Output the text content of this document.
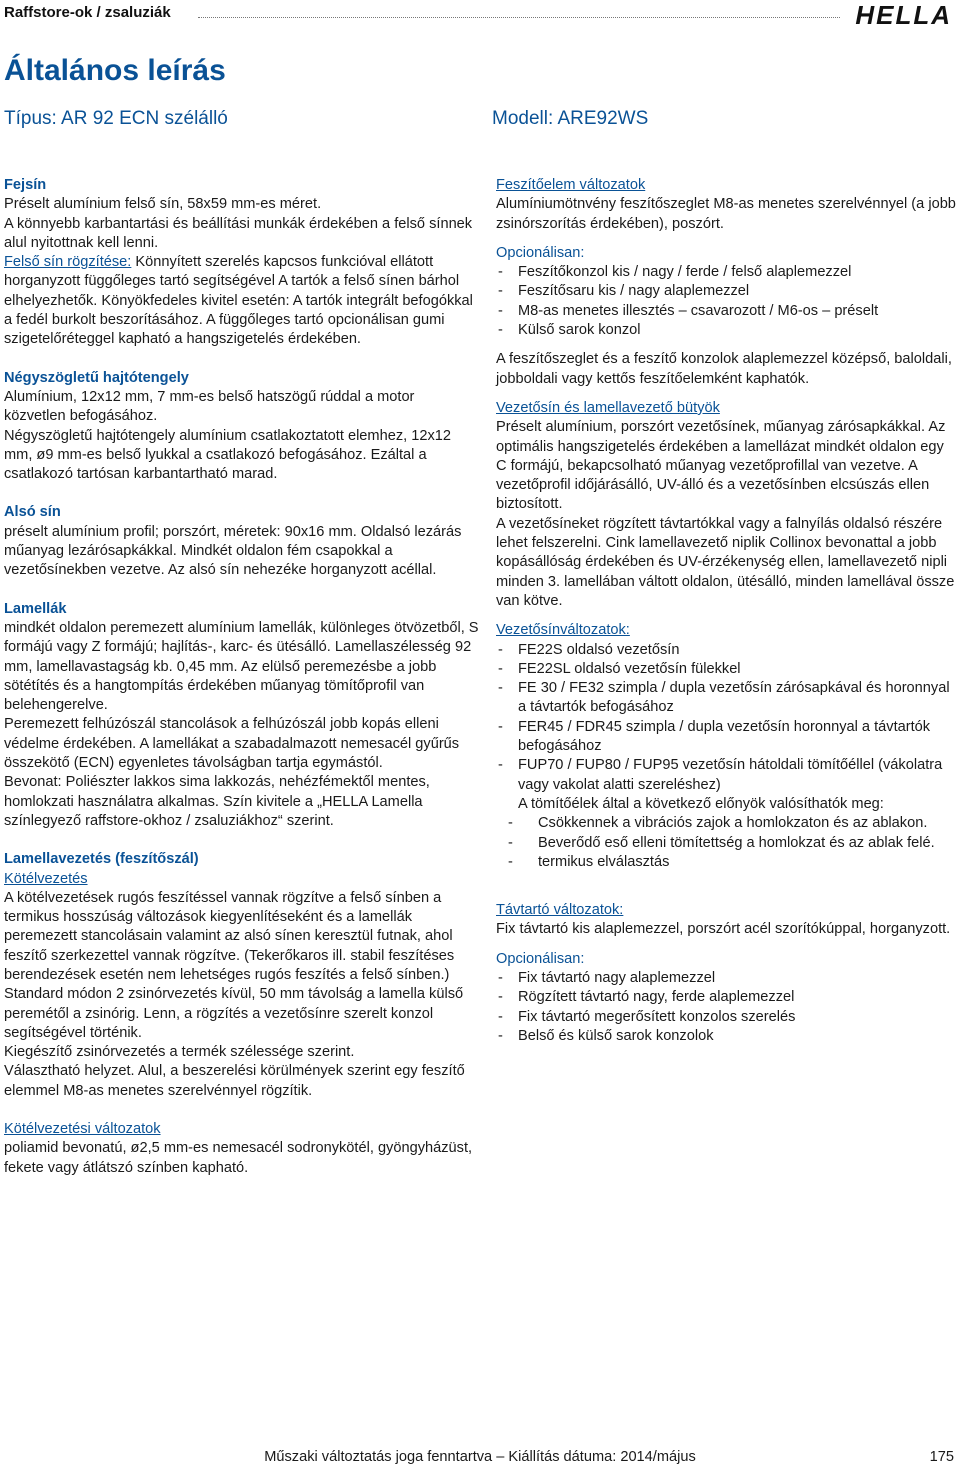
Raffstore-ok / zsaluziák	HELLA
Általános leírás
Típus: AR 92 ECN szélálló	Modell: ARE92WS
Fejsín
Préselt alumínium felső sín, 58x59 mm-es méret.
A könnyebb karbantartási és beállítási munkák érdekében a felső sínnek alul nyitottnak kell lenni.
Felső sín rögzítése: Könnyített szerelés kapcsos funkcióval ellátott horganyzott függőleges tartó segítségével A tartók a felső sínen bárhol elhelyezhetők. Könyökfedeles kivitel esetén: A tartók integrált befogókkal a fedél burkolt beszorításához. A függőleges tartó opcionálisan gumi szigetelőréteggel kapható a hangszigetelés érdekében.
Négyszögletű hajtótengely
Alumínium, 12x12 mm, 7 mm-es belső hatszögű rúddal a motor közvetlen befogásához.
Négyszögletű hajtótengely alumínium csatlakoztatott elemhez, 12x12 mm, ø9 mm-es belső lyukkal a csatlakozó befogásához. Ezáltal a csatlakozó tartósan karbantartható marad.
Alsó sín
préselt alumínium profil; porszórt, méretek: 90x16 mm. Oldalsó lezárás műanyag lezárósapkákkal. Mindkét oldalon fém csapokkal a vezetősínekben vezetve. Az alsó sín nehezéke horganyzott acéllal.
Lamellák
mindkét oldalon peremezett alumínium lamellák, különleges ötvözetből, S formájú vagy Z formájú; hajlítás-, karc- és ütésálló. Lamellaszélesség 92 mm, lamellavastagság kb. 0,45 mm. Az elülső peremezésbe a jobb sötétítés és a hangtompítás érdekében műanyag tömítőprofil van belehengerelve.
Peremezett felhúzószál stancolások a felhúzószál jobb kopás elleni védelme érdekében. A lamellákat a szabadalmazott nemesacél gyűrűs összekötő (ECN) egyenletes távolságban tartja egymástól.
Bevonat: Poliészter lakkos sima lakkozás, nehézfémektől mentes, homlokzati használatra alkalmas. Szín kivitele a „HELLA Lamella színlegyező raffstore-okhoz / zsaluziákhoz“ szerint.
Lamellavezetés (feszítőszál)
Kötélvezetés
A kötélvezetések rugós feszítéssel vannak rögzítve a felső sínben a termikus hosszúság változások kiegyenlítéseként és a lamellák peremezett stancolásain valamint az alsó sínen keresztül futnak, ahol feszítő szerkezettel vannak rögzítve. (Tekerőkaros ill. stabil feszítéses berendezések esetén nem lehetséges rugós feszítés a felső sínben.)
Standard módon 2 zsinórvezetés kívül, 50 mm távolság a lamella külső peremétől a zsinórig. Lenn, a rögzítés a vezetősínre szerelt konzol segítségével történik.
Kiegészítő zsinórvezetés a termék szélessége szerint.
Választható helyzet. Alul, a beszerelési körülmények szerint egy feszítő elemmel M8-as menetes szerelvénnyel rögzítik.
Kötélvezetési változatok
poliamid bevonatú, ø2,5 mm-es nemesacél sodronykötél, gyöngyházüst, fekete vagy átlátszó színben kapható.
Feszítőelem változatok
Alumíniumötnvény feszítőszeglet M8-as menetes szerelvénnyel (a jobb zsinórszorítás érdekében), poszórt.
Opcionálisan:
- Feszítőkonzol kis / nagy / ferde / felső alaplemezzel
- Feszítősaru kis / nagy alaplemezzel
- M8-as menetes illesztés – csavarozott / M6-os – préselt
- Külső sarok konzol
A feszítőszeglet és a feszítő konzolok alaplemezzel középső, baloldali, jobboldali vagy kettős feszítőelemként kaphatók.
Vezetősín és lamellavezető bütyök
Préselt alumínium, porszórt vezetősínek, műanyag zárósapkákkal. Az optimális hangszigetelés érdekében a lamellázat mindkét oldalon egy C formájú, bekapcsolható műanyag vezetőprofillal van vezetve. A vezetőprofil időjárásálló, UV-álló és a vezetősínben elcsúszás ellen biztosított.
A vezetősíneket rögzített távtartókkal vagy a falnyílás oldalsó részére lehet felszerelni. Cink lamellavezető niplik Collinox bevonattal a jobb kopásállóság érdekében és UV-érzékenység ellen, lamellavezető nipli minden 3. lamellában váltott oldalon, ütésálló, minden lamellával össze van kötve.
Vezetősínváltozatok:
- FE22S oldalsó vezetősín
- FE22SL oldalsó vezetősín fülekkel
- FE 30 / FE32 szimpla / dupla vezetősín zárósapkával és horonnyal a távtartók befogásához
- FER45 / FDR45 szimpla / dupla vezetősín horonnyal a távtartók befogásához
- FUP70 / FUP80 / FUP95 vezetősín hátoldali tömítőéllel (vákolatra vagy vakolat alatti szereléshez)
A tömítőélek által a következő előnyök valósíthatók meg:
- Csökkennek a vibrációs zajok a homlokzaton és az ablakon.
- Beverődő eső elleni tömítettség a homlokzat és az ablak felé.
- termikus elválasztás
Távtartó változatok:
Fix távtartó kis alaplemezzel, porszórt acél szorítókúppal, horganyzott.
Opcionálisan:
- Fix távtartó nagy alaplemezzel
- Rögzített távtartó nagy, ferde alaplemezzel
- Fix távtartó megerősített konzolos szerelés
- Belső és külső sarok konzolok
Műszaki változtatás joga fenntartva – Kiállítás dátuma: 2014/május	175
